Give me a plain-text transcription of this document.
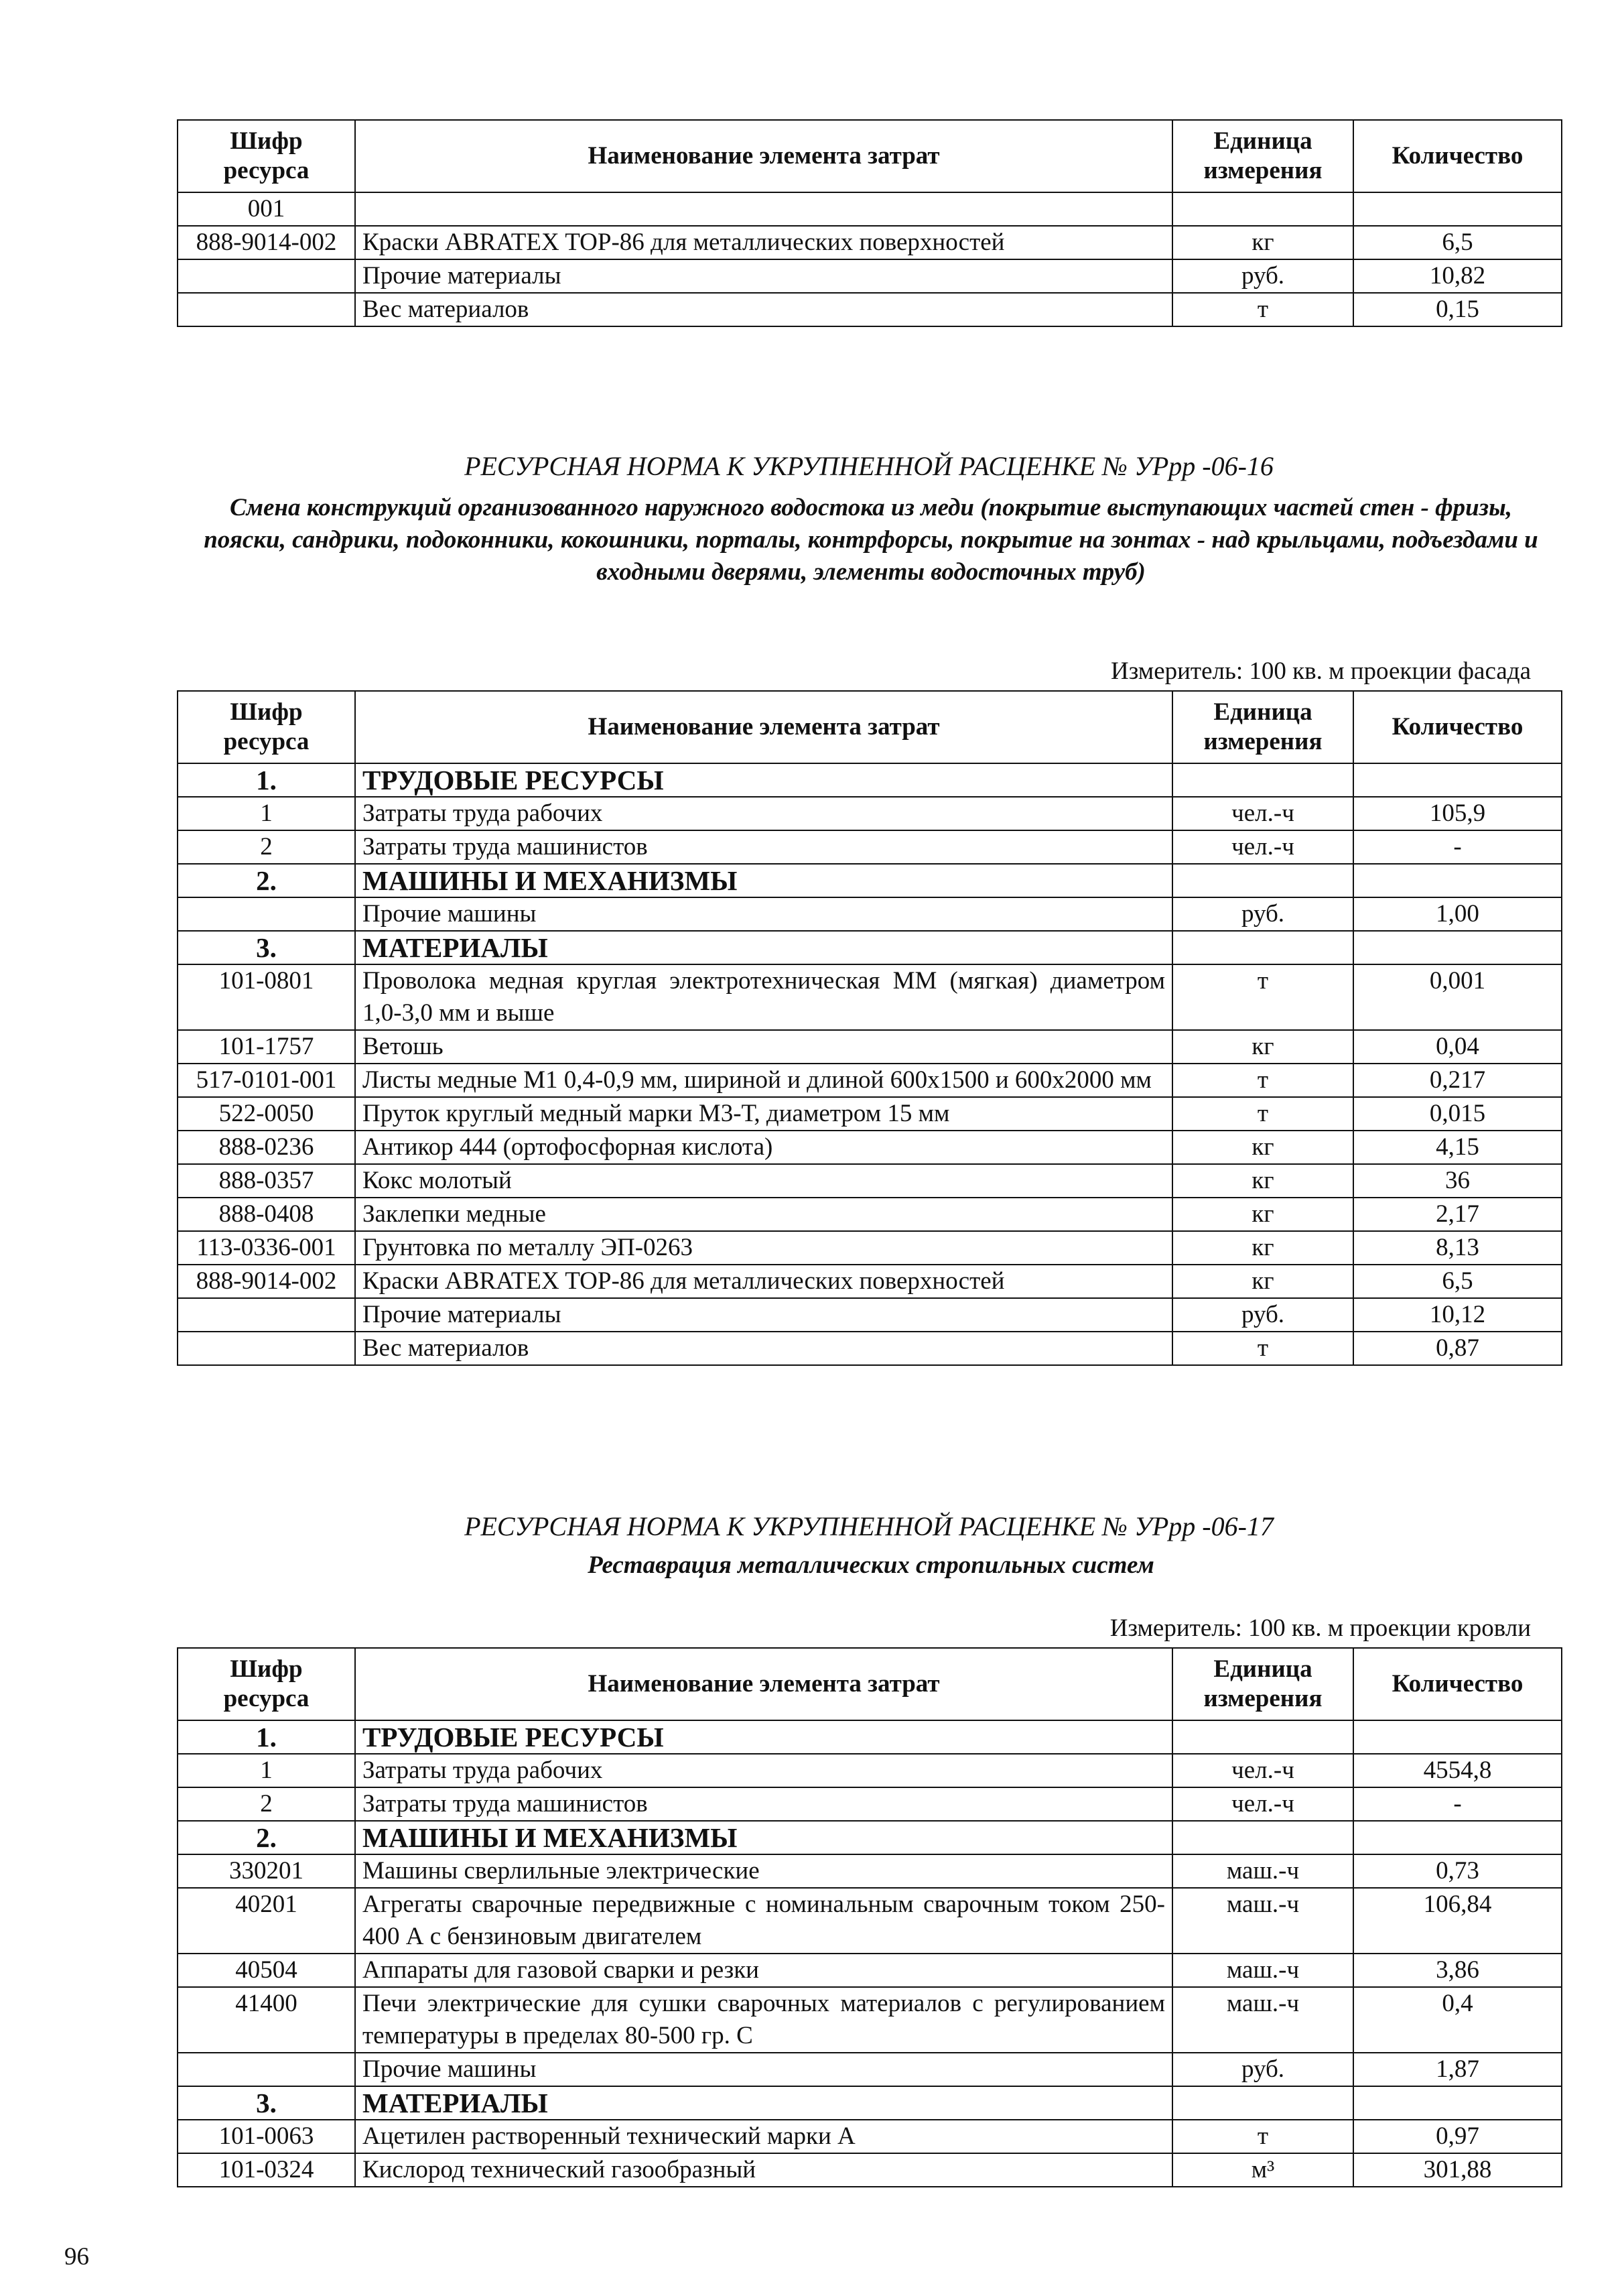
Шифр ресурса	Наименование элемента затрат	Единица измерения	Количество
001			
888-9014-002	Краски ABRATEX TOP-86 для металлических поверхностей	кг	6,5
	Прочие материалы	руб.	10,82
	Вес материалов	т	0,15
РЕСУРСНАЯ НОРМА К УКРУПНЕННОЙ РАСЦЕНКЕ № УРрр -06-16
Смена конструкций организованного наружного водостока из меди (покрытие выступающих частей стен - фризы, пояски, сандрики, подоконники, кокошники, порталы, контрфорсы, покрытие на зонтах - над крыльцами, подъездами и входными дверями, элементы водосточных труб)
Измеритель: 100 кв. м проекции фасада
Шифр ресурса	Наименование элемента затрат	Единица измерения	Количество
1.	ТРУДОВЫЕ РЕСУРСЫ		
1	Затраты труда рабочих	чел.-ч	105,9
2	Затраты труда машинистов	чел.-ч	-
2.	МАШИНЫ И МЕХАНИЗМЫ		
	Прочие машины	руб.	1,00
3.	МАТЕРИАЛЫ		
101-0801	Проволока медная круглая электротехническая ММ (мягкая) диаметром 1,0-3,0 мм и выше	т	0,001
101-1757	Ветошь	кг	0,04
517-0101-001	Листы медные М1 0,4-0,9 мм, шириной и длиной 600х1500 и 600х2000 мм	т	0,217
522-0050	Пруток круглый медный марки М3-Т, диаметром 15 мм	т	0,015
888-0236	Антикор 444 (ортофосфорная кислота)	кг	4,15
888-0357	Кокс молотый	кг	36
888-0408	Заклепки медные	кг	2,17
113-0336-001	Грунтовка по металлу ЭП-0263	кг	8,13
888-9014-002	Краски ABRATEX TOP-86 для металлических поверхностей	кг	6,5
	Прочие материалы	руб.	10,12
	Вес материалов	т	0,87
РЕСУРСНАЯ НОРМА К УКРУПНЕННОЙ РАСЦЕНКЕ № УРрр -06-17
Реставрация металлических стропильных систем
Измеритель: 100 кв. м проекции кровли
Шифр ресурса	Наименование элемента затрат	Единица измерения	Количество
1.	ТРУДОВЫЕ РЕСУРСЫ		
1	Затраты труда рабочих	чел.-ч	4554,8
2	Затраты труда машинистов	чел.-ч	-
2.	МАШИНЫ И МЕХАНИЗМЫ		
330201	Машины сверлильные электрические	маш.-ч	0,73
40201	Агрегаты сварочные передвижные с номинальным сварочным током 250-400 А с бензиновым двигателем	маш.-ч	106,84
40504	Аппараты для газовой сварки и резки	маш.-ч	3,86
41400	Печи электрические для сушки сварочных материалов с регулированием температуры в пределах 80-500 гр. С	маш.-ч	0,4
	Прочие машины	руб.	1,87
3.	МАТЕРИАЛЫ		
101-0063	Ацетилен растворенный технический марки А	т	0,97
101-0324	Кислород технический газообразный	м³	301,88
96
